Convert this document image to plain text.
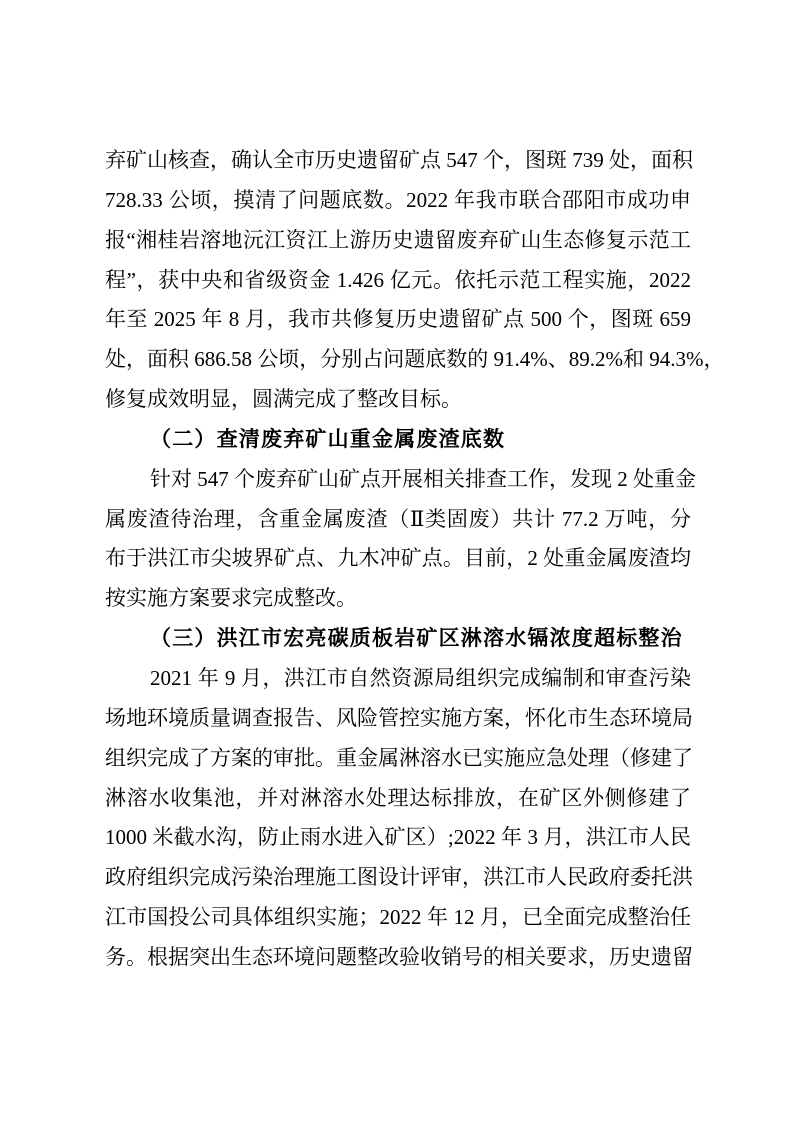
弃矿山核查，确认全市历史遗留矿点 547 个，图斑 739 处，面积
728.33 公顷，摸清了问题底数。2022 年我市联合邵阳市成功申
报“湘桂岩溶地沅江资江上游历史遗留废弃矿山生态修复示范工
程”，获中央和省级资金 1.426 亿元。依托示范工程实施，2022
年至 2025 年 8 月，我市共修复历史遗留矿点 500 个，图斑 659
处，面积 686.58 公顷，分别占问题底数的 91.4%、89.2%和 94.3%，
修复成效明显，圆满完成了整改目标。
（二）查清废弃矿山重金属废渣底数
针对 547 个废弃矿山矿点开展相关排查工作，发现 2 处重金
属废渣待治理，含重金属废渣（Ⅱ类固废）共计 77.2 万吨，分
布于洪江市尖坡界矿点、九木冲矿点。目前，2 处重金属废渣均
按实施方案要求完成整改。
（三）洪江市宏亮碳质板岩矿区淋溶水镉浓度超标整治
2021 年 9 月，洪江市自然资源局组织完成编制和审查污染
场地环境质量调查报告、风险管控实施方案，怀化市生态环境局
组织完成了方案的审批。重金属淋溶水已实施应急处理（修建了
淋溶水收集池，并对淋溶水处理达标排放，在矿区外侧修建了
1000 米截水沟，防止雨水进入矿区）;2022 年 3 月，洪江市人民
政府组织完成污染治理施工图设计评审，洪江市人民政府委托洪
江市国投公司具体组织实施；2022 年 12 月，已全面完成整治任
务。根据突出生态环境问题整改验收销号的相关要求，历史遗留
